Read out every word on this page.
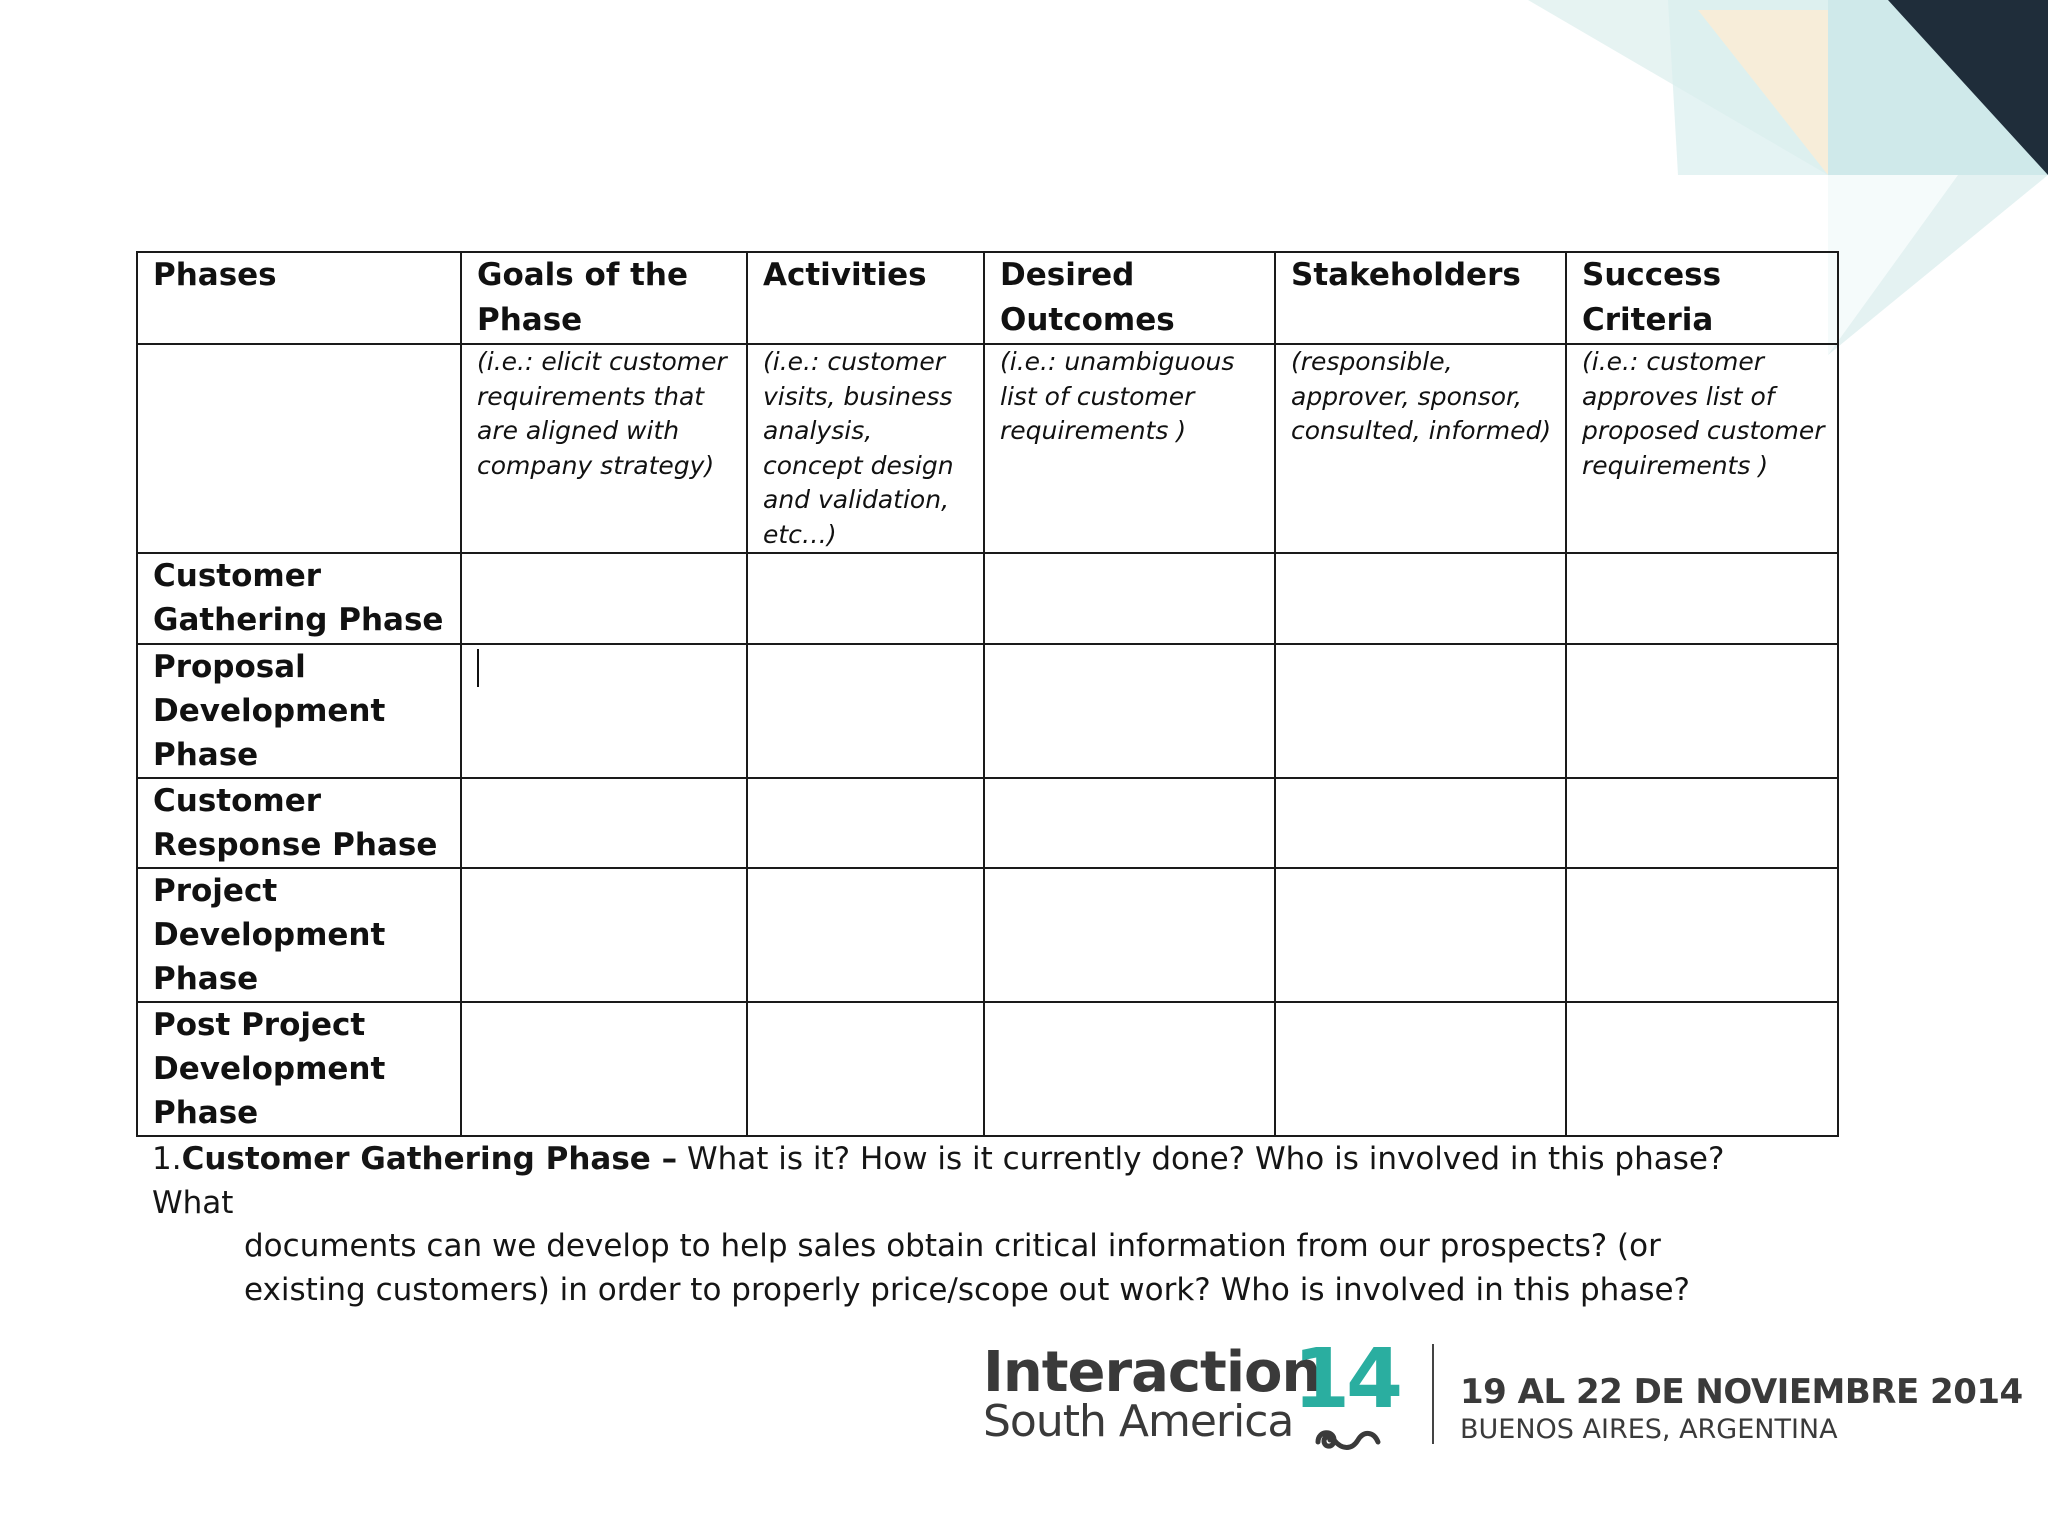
Phases	Goals of the Phase	Activities	Desired Outcomes	Stakeholders	Success Criteria
	(i.e.: elicit customer requirements that are aligned with company strategy)	(i.e.: customer visits, business analysis, concept design and validation, etc…)	(i.e.: unambiguous list of customer requirements )	(responsible, approver, sponsor, consulted, informed)	(i.e.: customer approves list of proposed customer requirements )
Customer Gathering Phase					
Proposal Development Phase					
Customer Response Phase					
Project Development Phase					
Post Project Development Phase					
1.Customer Gathering Phase – What is it? How is it currently done? Who is involved in this phase? What
documents can we develop to help sales obtain critical information from our prospects? (or existing customers) in order to properly price/scope out work? Who is involved in this phase?
Interaction
14
South America
19 AL 22 DE NOVIEMBRE 2014
BUENOS AIRES, ARGENTINA
